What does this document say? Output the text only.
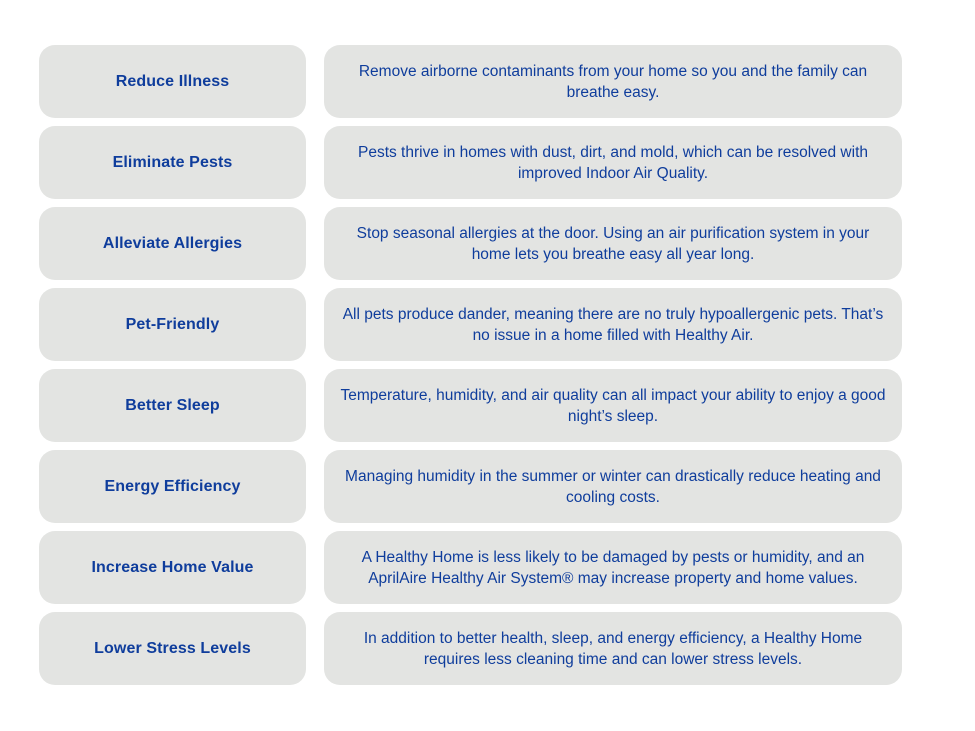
Reduce Illness
Remove airborne contaminants from your home so you and the family can breathe easy.
Eliminate Pests
Pests thrive in homes with dust, dirt, and mold, which can be resolved with improved Indoor Air Quality.
Alleviate Allergies
Stop seasonal allergies at the door. Using an air purification system in your home lets you breathe easy all year long.
Pet-Friendly
All pets produce dander, meaning there are no truly hypoallergenic pets. That’s no issue in a home filled with Healthy Air.
Better Sleep
Temperature, humidity, and air quality can all impact your ability to enjoy a good night’s sleep.
Energy Efficiency
Managing humidity in the summer or winter can drastically reduce heating and cooling costs.
Increase Home Value
A Healthy Home is less likely to be damaged by pests or humidity, and an AprilAire Healthy Air System® may increase property and home values.
Lower Stress Levels
In addition to better health, sleep, and energy efficiency, a Healthy Home requires less cleaning time and can lower stress levels.
